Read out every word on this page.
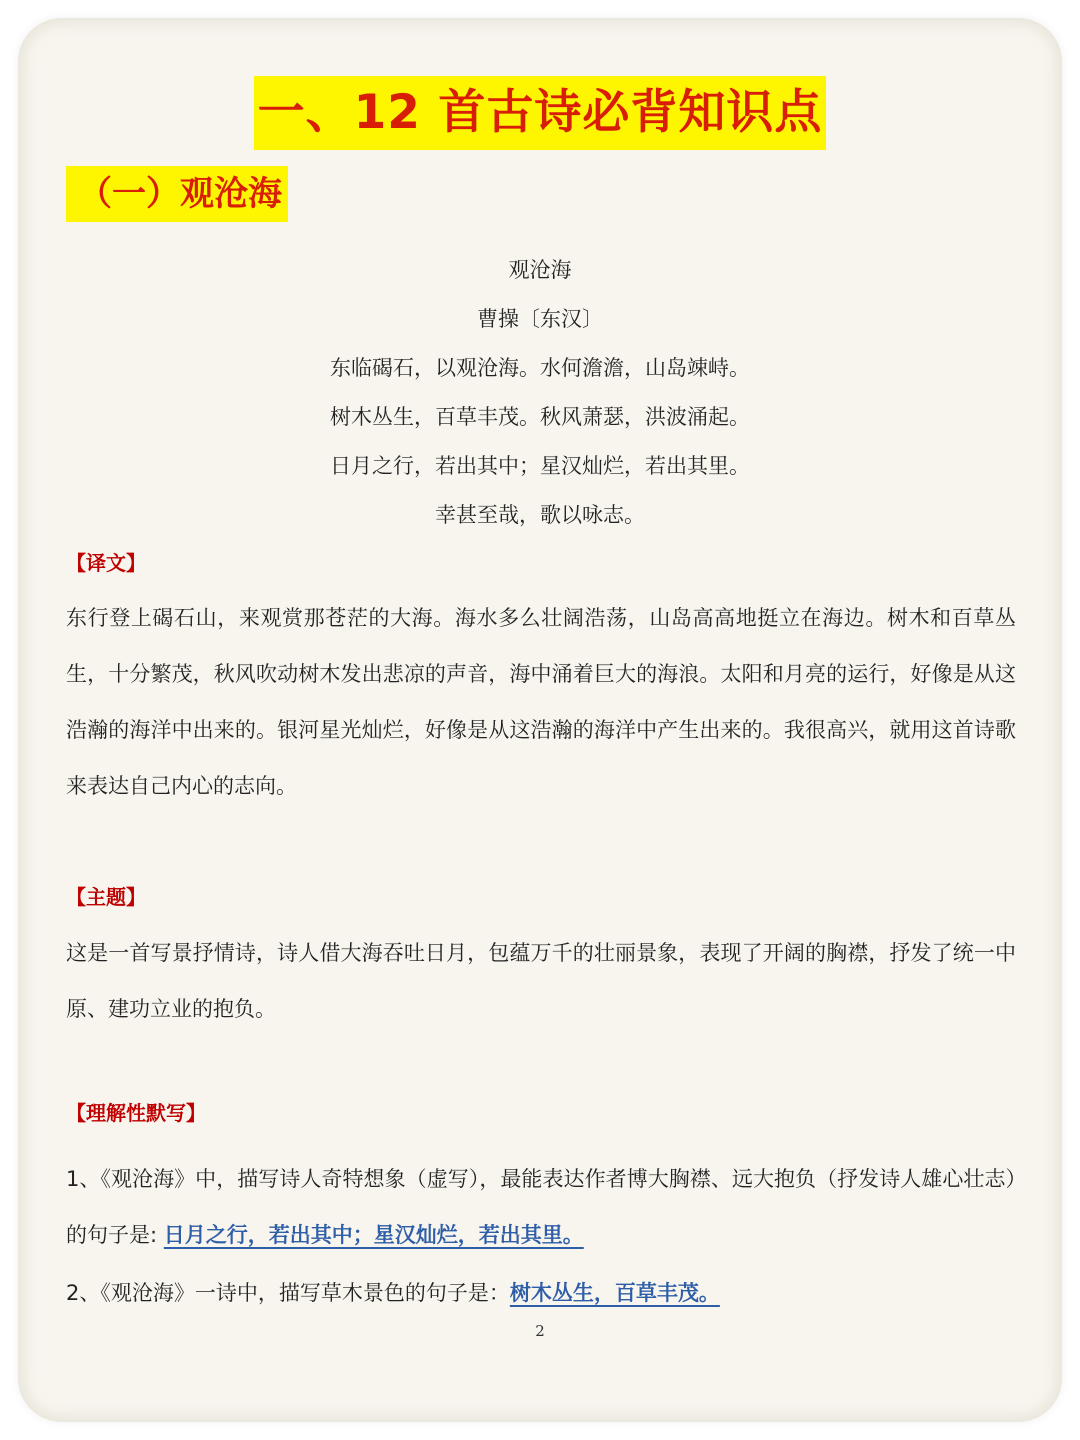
一、12 首古诗必背知识点
（一）观沧海
观沧海
曹操〔东汉〕
东临碣石，以观沧海。水何澹澹，山岛竦峙。
树木丛生，百草丰茂。秋风萧瑟，洪波涌起。
日月之行，若出其中；星汉灿烂，若出其里。
幸甚至哉，歌以咏志。
【译文】
东行登上碣石山，来观赏那苍茫的大海。海水多么壮阔浩荡，山岛高高地挺立在海边。树木和百草丛生，十分繁茂，秋风吹动树木发出悲凉的声音，海中涌着巨大的海浪。太阳和月亮的运行，好像是从这浩瀚的海洋中出来的。银河星光灿烂，好像是从这浩瀚的海洋中产生出来的。我很高兴，就用这首诗歌来表达自己内心的志向。
【主题】
这是一首写景抒情诗，诗人借大海吞吐日月，包蕴万千的壮丽景象，表现了开阔的胸襟，抒发了统一中原、建功立业的抱负。
【理解性默写】
1、《观沧海》中，描写诗人奇特想象（虚写），最能表达作者博大胸襟、远大抱负（抒发诗人雄心壮志）的句子是: 日月之行，若出其中；星汉灿烂，若出其里。
2、《观沧海》一诗中，描写草木景色的句子是：树木丛生，百草丰茂。
2
